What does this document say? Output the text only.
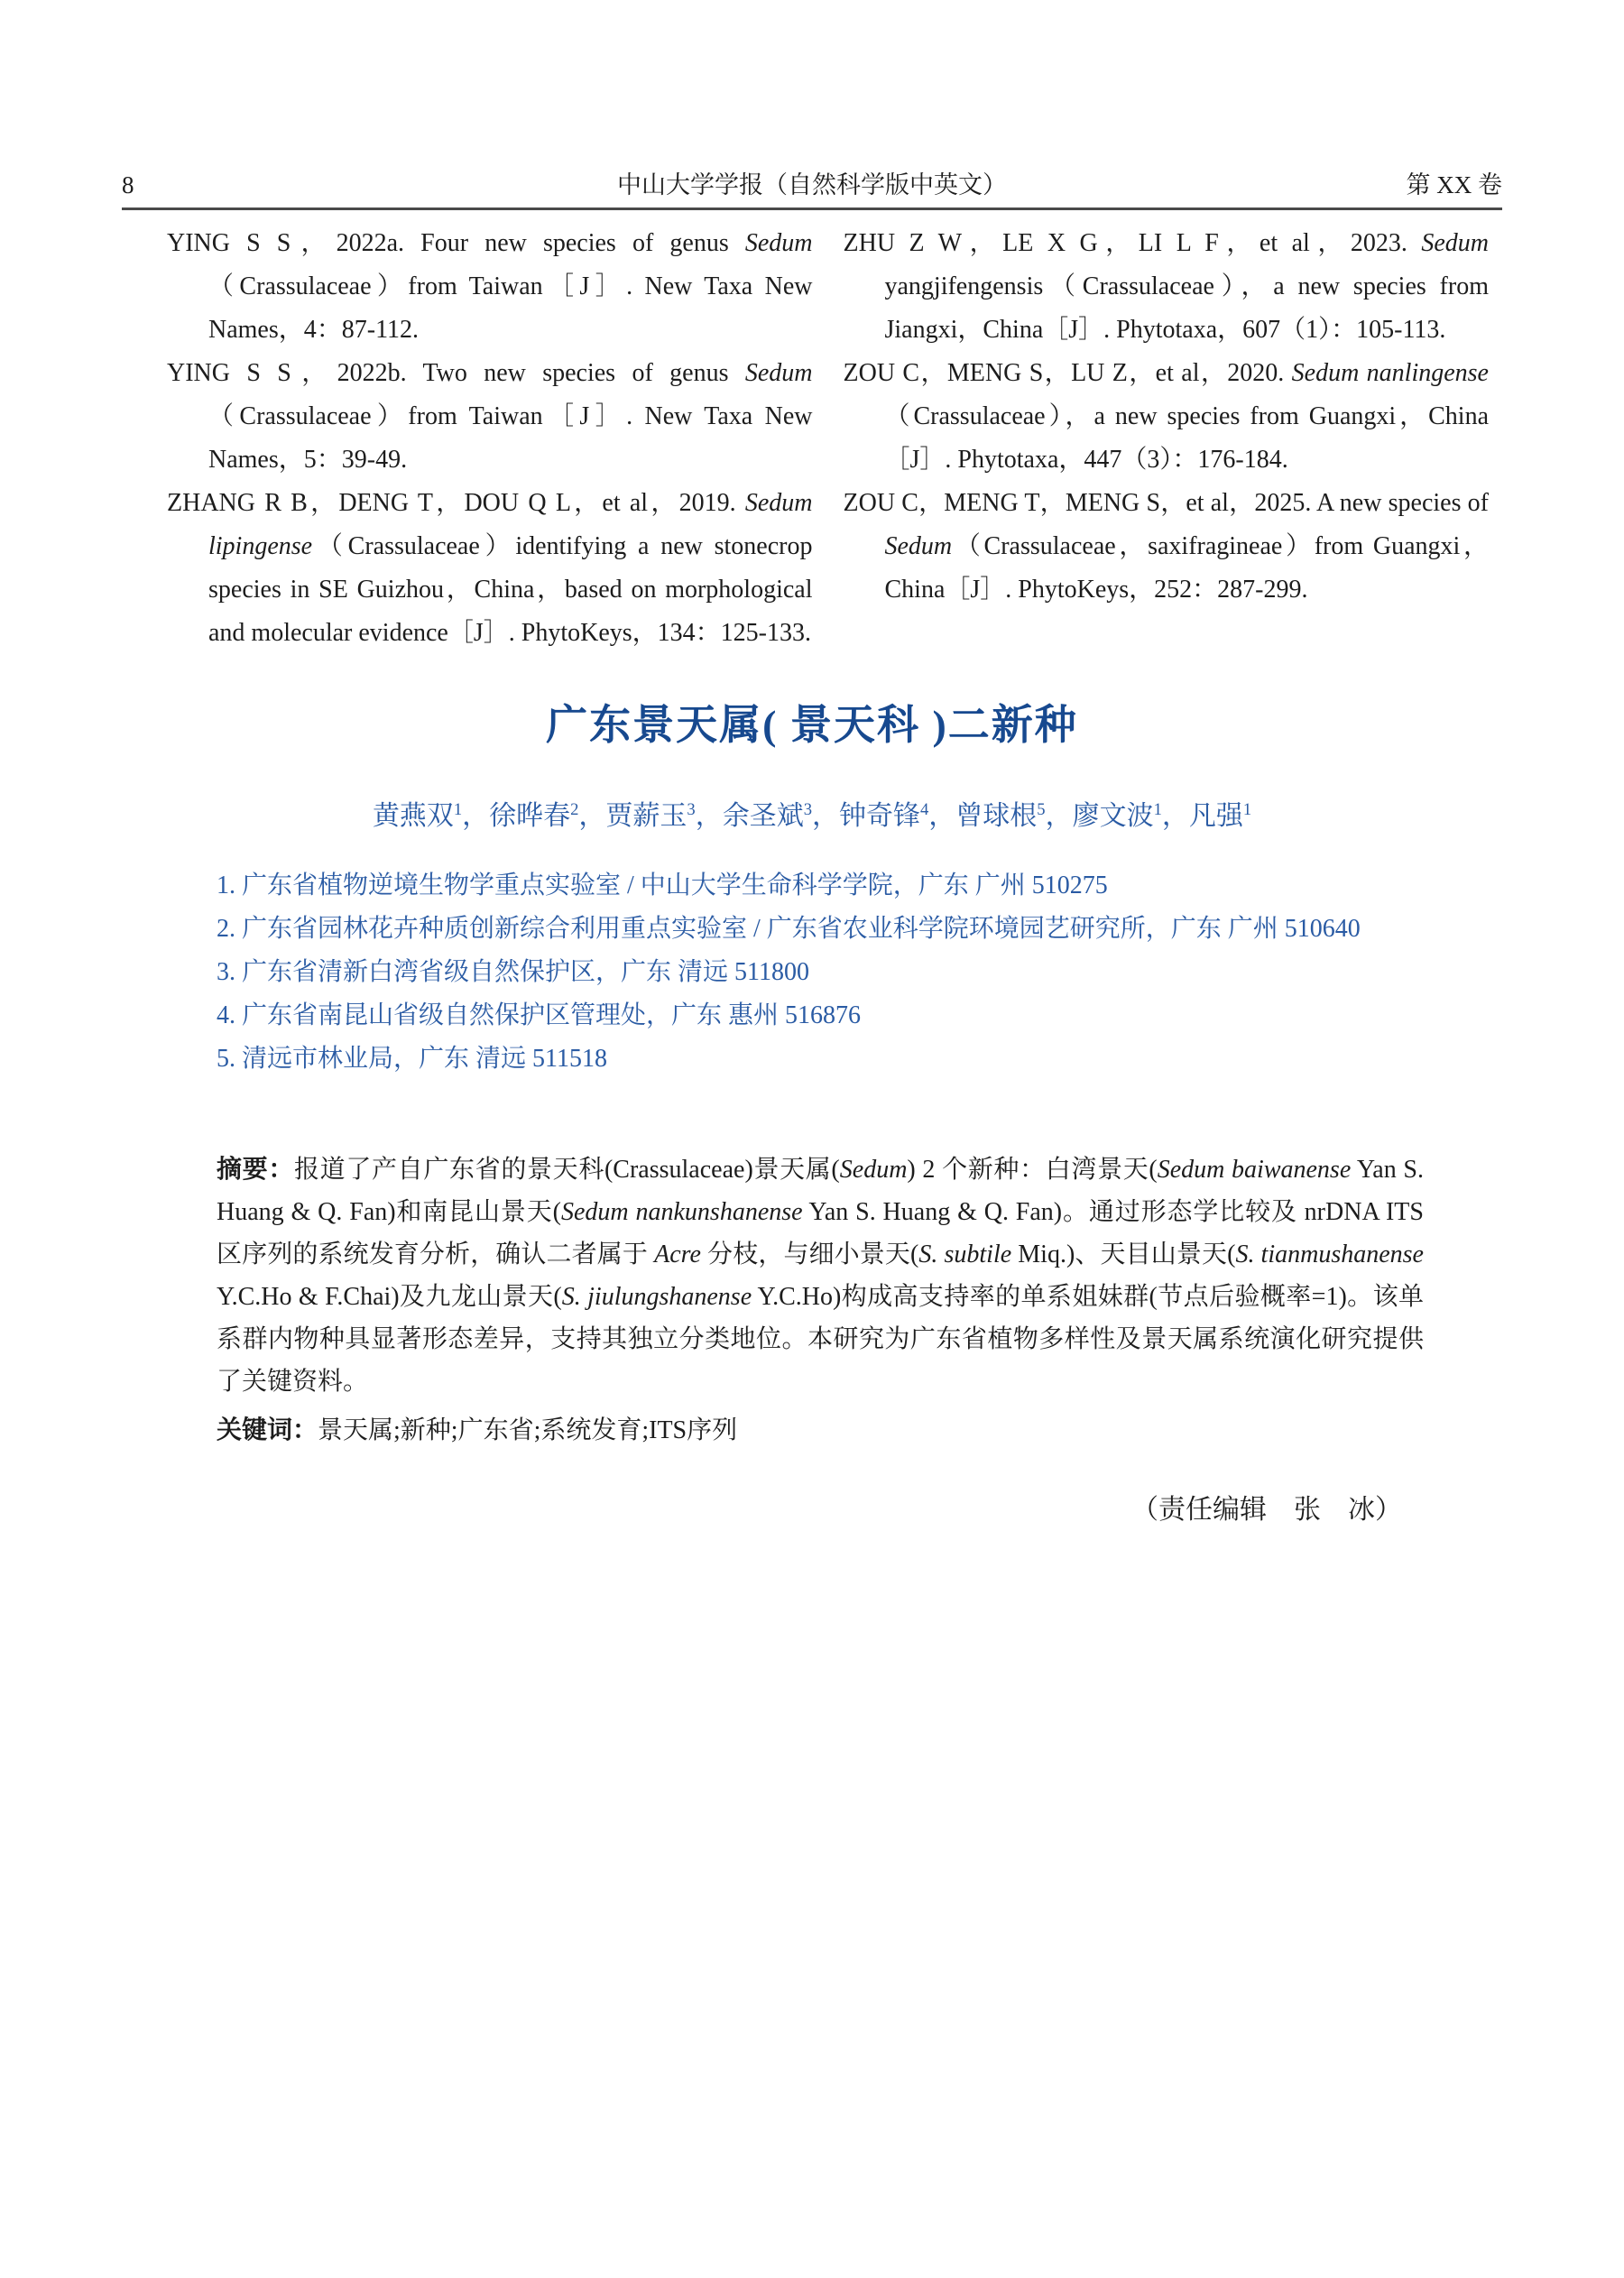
8	中山大学学报（自然科学版中英文）	第 XX 卷

YING S S，2022a. Four new species of genus Sedum（Crassulaceae）from Taiwan［J］. New Taxa New Names，4：87-112.

YING S S，2022b. Two new species of genus Sedum（Crassulaceae）from Taiwan［J］. New Taxa New Names，5：39-49.

ZHANG R B，DENG T，DOU Q L，et al，2019. Sedum lipingense（Crassulaceae）identifying a new stonecrop species in SE Guizhou，China，based on morphological and molecular evidence［J］. PhytoKeys，134：125-133.

ZHU Z W，LE X G，LI L F，et al，2023. Sedum yangjifengensis（Crassulaceae），a new species from Jiangxi，China［J］. Phytotaxa，607（1）：105-113.

ZOU C，MENG S，LU Z，et al，2020. Sedum nanlingense（Crassulaceae），a new species from Guangxi，China［J］. Phytotaxa，447（3）：176-184.

ZOU C，MENG T，MENG S，et al，2025. A new species of Sedum（Crassulaceae，saxifragineae）from Guangxi，China［J］. PhytoKeys，252：287-299.

广东景天属( 景天科 )二新种
黄燕双$^1$，徐晔春$^2$，贾薪玉$^3$，余圣斌$^3$，钟奇锋$^4$，曾球根$^5$，廖文波$^1$，凡强$^1$
1. 广东省植物逆境生物学重点实验室 / 中山大学生命科学学院，广东 广州 510275
2. 广东省园林花卉种质创新综合利用重点实验室 / 广东省农业科学院环境园艺研究所，广东 广州 510640
3. 广东省清新白湾省级自然保护区，广东 清远 511800
4. 广东省南昆山省级自然保护区管理处，广东 惠州 516876
5. 清远市林业局，广东 清远 511518

摘要：报道了产自广东省的景天科(Crassulaceae)景天属(Sedum) 2 个新种：白湾景天(Sedum baiwanense Yan S. Huang & Q. Fan)和南昆山景天(Sedum nankunshanense Yan S. Huang & Q. Fan)。通过形态学比较及 nrDNA ITS 区序列的系统发育分析，确认二者属于 Acre 分枝，与细小景天(S. subtile Miq.)、天目山景天(S. tianmushanense Y.C.Ho & F.Chai)及九龙山景天(S. jiulungshanense Y.C.Ho)构成高支持率的单系姐妹群(节点后验概率=1)。该单系群内物种具显著形态差异，支持其独立分类地位。本研究为广东省植物多样性及景天属系统演化研究提供了关键资料。

关键词：景天属;新种;广东省;系统发育;ITS序列

（责任编辑　张　冰）
